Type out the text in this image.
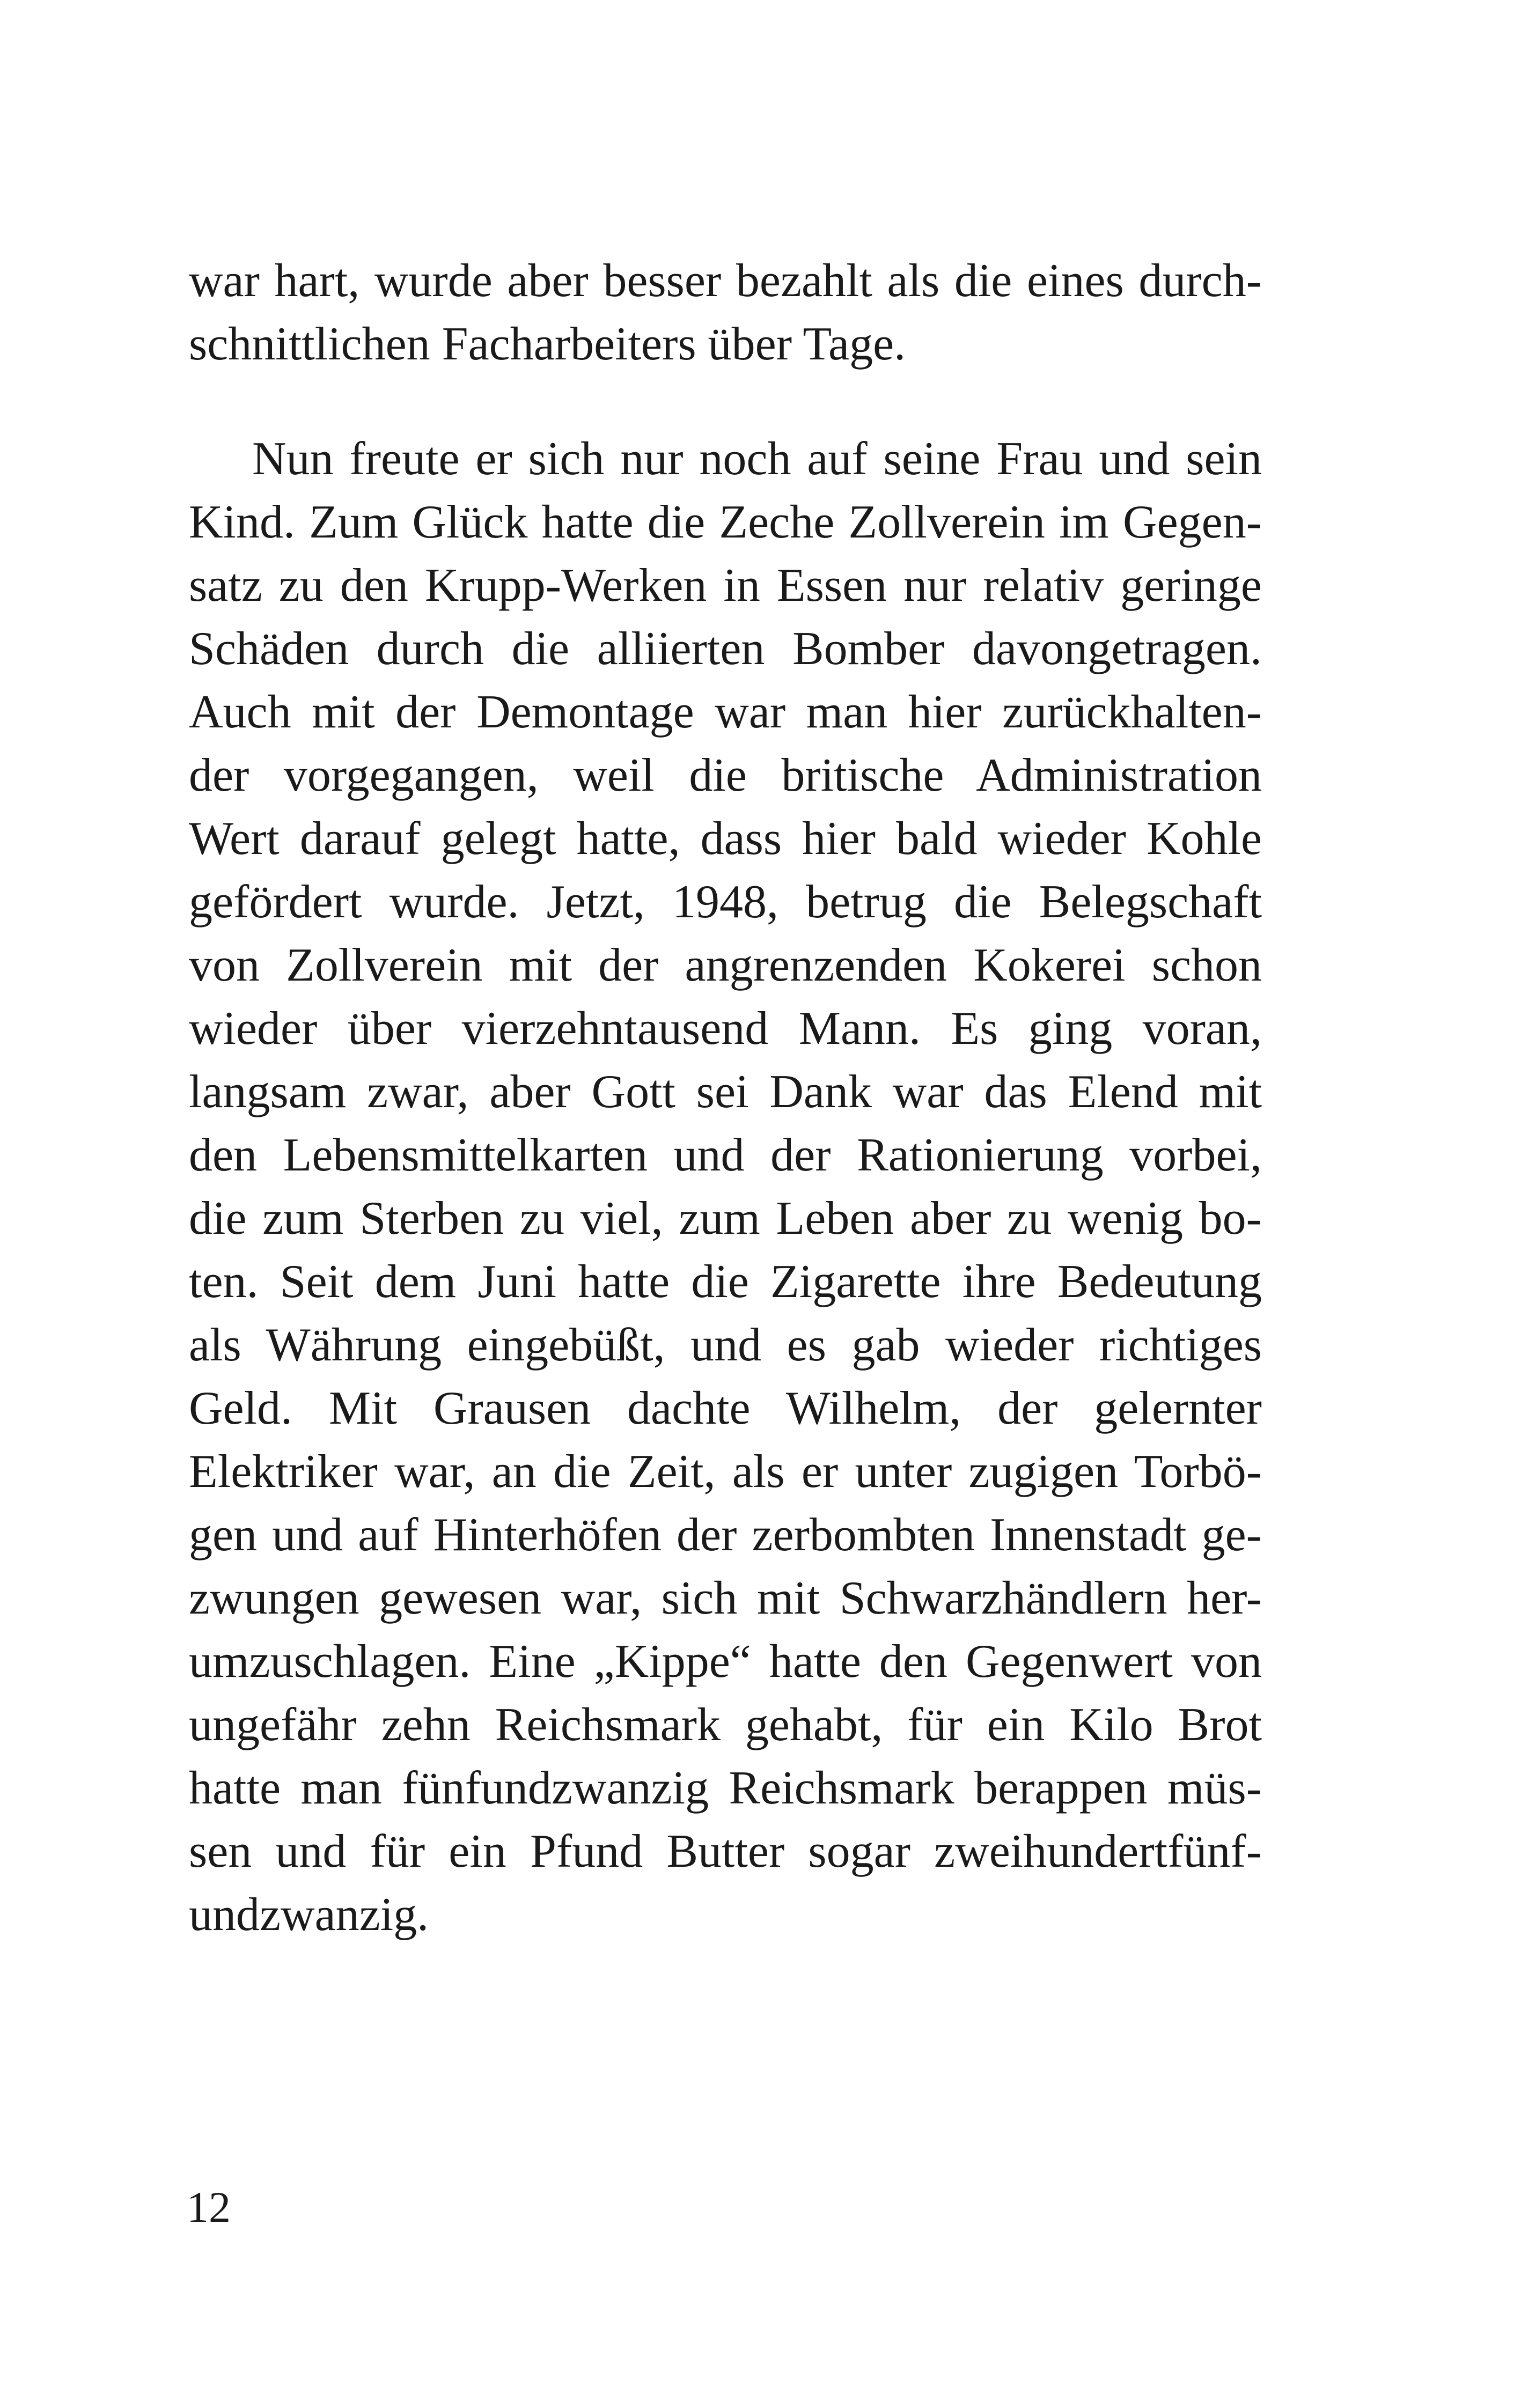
war hart, wurde aber besser bezahlt als die eines durch-
schnittlichen Facharbeiters über Tage.
Nun freute er sich nur noch auf seine Frau und sein
Kind. Zum Glück hatte die Zeche Zollverein im Gegen-
satz zu den Krupp-Werken in Essen nur relativ geringe
Schäden durch die alliierten Bomber davongetragen.
Auch mit der Demontage war man hier zurückhalten-
der vorgegangen, weil die britische Administration
Wert darauf gelegt hatte, dass hier bald wieder Kohle
gefördert wurde. Jetzt, 1948, betrug die Belegschaft
von Zollverein mit der angrenzenden Kokerei schon
wieder über vierzehntausend Mann. Es ging voran,
langsam zwar, aber Gott sei Dank war das Elend mit
den Lebensmittelkarten und der Rationierung vorbei,
die zum Sterben zu viel, zum Leben aber zu wenig bo-
ten. Seit dem Juni hatte die Zigarette ihre Bedeutung
als Währung eingebüßt, und es gab wieder richtiges
Geld. Mit Grausen dachte Wilhelm, der gelernter
Elektriker war, an die Zeit, als er unter zugigen Torbö-
gen und auf Hinterhöfen der zerbombten Innenstadt ge-
zwungen gewesen war, sich mit Schwarzhändlern her-
umzuschlagen. Eine „Kippe“ hatte den Gegenwert von
ungefähr zehn Reichsmark gehabt, für ein Kilo Brot
hatte man fünfundzwanzig Reichsmark berappen müs-
sen und für ein Pfund Butter sogar zweihundertfünf-
undzwanzig.
12
